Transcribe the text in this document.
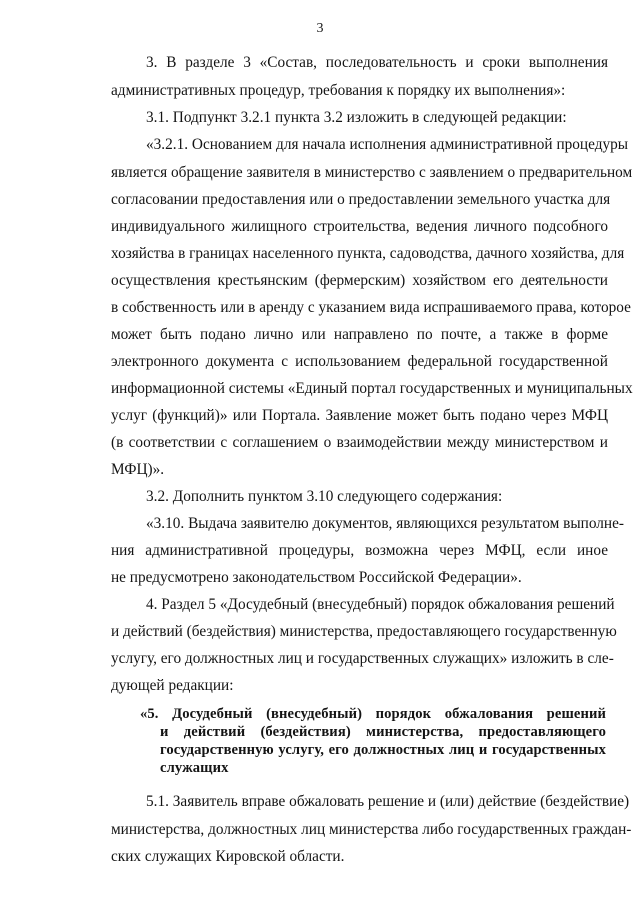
3
3. В разделе 3 «Состав, последовательность и сроки выполнения
административных процедур, требования к порядку их выполнения»:
3.1. Подпункт 3.2.1 пункта 3.2 изложить в следующей редакции:
«3.2.1. Основанием для начала исполнения административной процедуры
является обращение заявителя в министерство с заявлением о предварительном
согласовании предоставления или о предоставлении земельного участка для
индивидуального жилищного строительства, ведения личного подсобного
хозяйства в границах населенного пункта, садоводства, дачного хозяйства, для
осуществления крестьянским (фермерским) хозяйством его деятельности
в собственность или в аренду с указанием вида испрашиваемого права, которое
может быть подано лично или направлено по почте, а также в форме
электронного документа с использованием федеральной государственной
информационной системы «Единый портал государственных и муниципальных
услуг (функций)» или Портала. Заявление может быть подано через МФЦ
(в соответствии с соглашением о взаимодействии между министерством и
МФЦ)».
3.2. Дополнить пунктом 3.10 следующего содержания:
«3.10. Выдача заявителю документов, являющихся результатом выполне-
ния административной процедуры, возможна через МФЦ, если иное
не предусмотрено законодательством Российской Федерации».
4. Раздел 5 «Досудебный (внесудебный) порядок обжалования решений
и действий (бездействия) министерства, предоставляющего государственную
услугу, его должностных лиц и государственных служащих» изложить в сле-
дующей редакции:
«5. Досудебный (внесудебный) порядок обжалования решений
и действий (бездействия) министерства, предоставляющего
государственную услугу, его должностных лиц и государственных
служащих
5.1. Заявитель вправе обжаловать решение и (или) действие (бездействие)
министерства, должностных лиц министерства либо государственных граждан-
ских служащих Кировской области.
